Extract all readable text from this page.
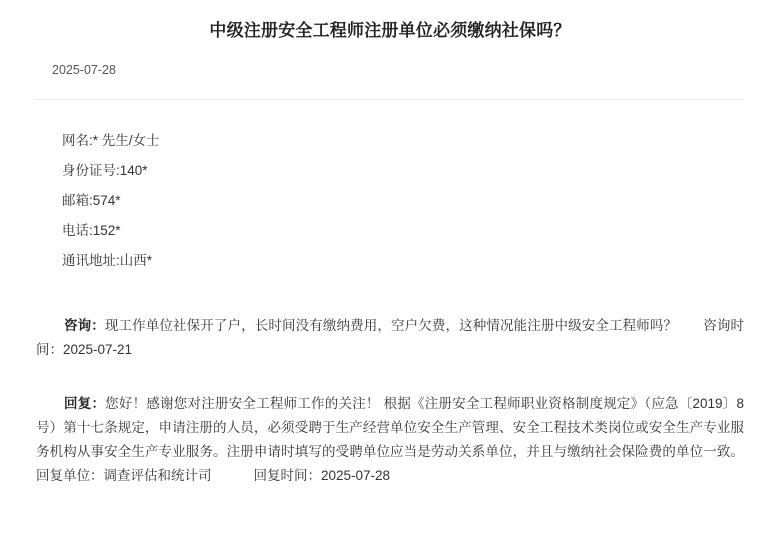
中级注册安全工程师注册单位必须缴纳社保吗？
2025-07-28
网名:* 先生/女士
身份证号:140*
邮箱:574*
电话:152*
通讯地址:山西*
咨询：现工作单位社保开了户，长时间没有缴纳费用，空户欠费，这种情况能注册中级安全工程师吗？ 咨询时间：2025-07-21
回复：您好！感谢您对注册安全工程师工作的关注！ 根据《注册安全工程师职业资格制度规定》（应急〔2019〕8号）第十七条规定，申请注册的人员，必须受聘于生产经营单位安全生产管理、安全工程技术类岗位或安全生产专业服务机构从事安全生产专业服务。注册申请时填写的受聘单位应当是劳动关系单位，并且与缴纳社会保险费的单位一致。回复单位：调查评估和统计司	回复时间：2025-07-28
